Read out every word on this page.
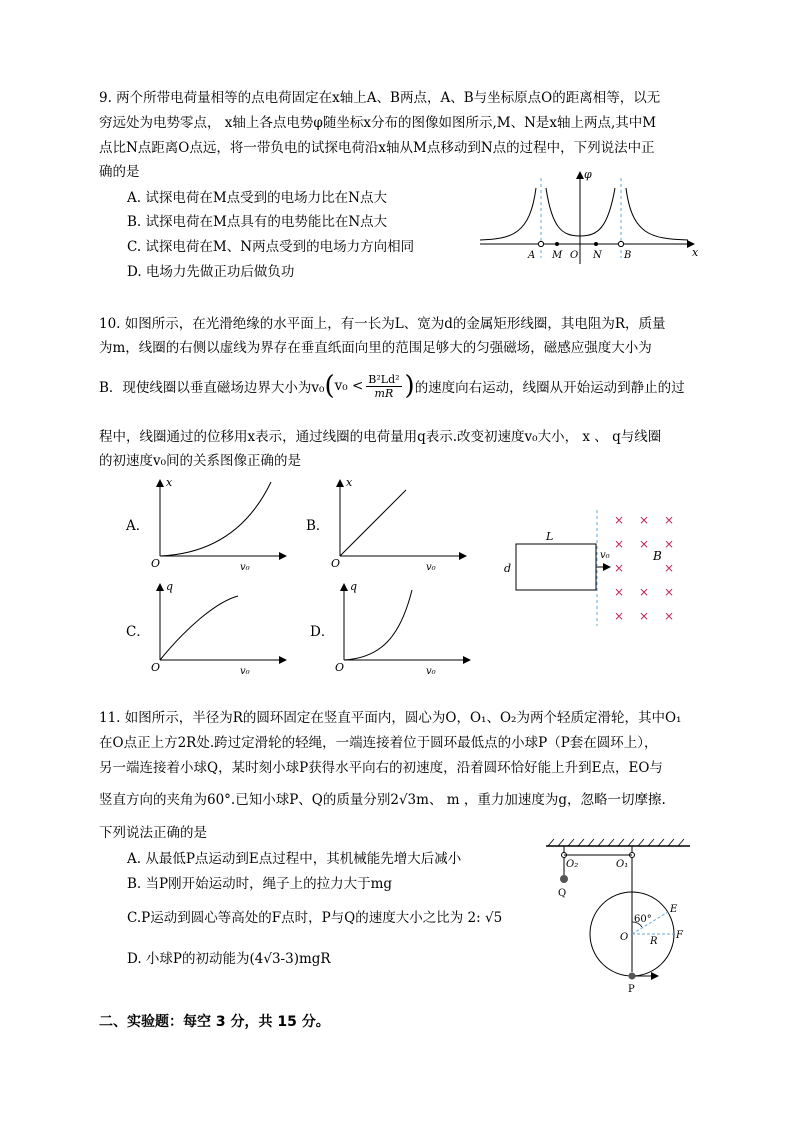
9. 两个所带电荷量相等的点电荷固定在x轴上A、B两点，A、B与坐标原点O的距离相等，以无
穷远处为电势零点， x轴上各点电势φ随坐标x分布的图像如图所示,M、N是x轴上两点,其中M
点比N点距离O点远，将一带负电的试探电荷沿x轴从M点移动到N点的过程中，下列说法中正
确的是
A. 试探电荷在M点受到的电场力比在N点大
B. 试探电荷在M点具有的电势能比在N点大
C. 试探电荷在M、N两点受到的电场力方向相同
D. 电场力先做正功后做负功
φ
x
A M O N B
10. 如图所示，在光滑绝缘的水平面上，有一长为L、宽为d的金属矩形线圈，其电阻为R，质量
为m，线圈的右侧以虚线为界存在垂直纸面向里的范围足够大的匀强磁场，磁感应强度大小为
B．现使线圈以垂直磁场边界大小为v₀ ( v₀ < B²Ld²
mR ) 的速度向右运动，线圈从开始运动到静止的过
程中，线圈通过的位移用x表示，通过线圈的电荷量用q表示.改变初速度v₀大小， x 、 q与线圈
的初速度v₀间的关系图像正确的是
A．
O
x
v₀
B．
O
x
v₀
C．
O
q
v₀
D．
O
q
v₀
L
d
v₀	B
× × ×
× × ×
×	×
× × ×
× × ×
11. 如图所示，半径为R的圆环固定在竖直平面内，圆心为O，O₁、O₂为两个轻质定滑轮，其中O₁
在O点正上方2R处.跨过定滑轮的轻绳，一端连接着位于圆环最低点的小球P（P套在圆环上），
另一端连接着小球Q，某时刻小球P获得水平向右的初速度，沿着圆环恰好能上升到E点，EO与
竖直方向的夹角为60°.已知小球P、Q的质量分别2√3m、 m ，重力加速度为g，忽略一切摩擦.
下列说法正确的是
A. 从最低P点运动到E点过程中，其机械能先增大后减小
B. 当P刚开始运动时，绳子上的拉力大于mg
C.P运动到圆心等高处的F点时，P与Q的速度大小之比为 2: √5
D. 小球P的初动能为(4√3-3)mgR
O₂	O₁
Q
60°
E
O R
F
P
二、实验题：每空 3 分，共 15 分。
